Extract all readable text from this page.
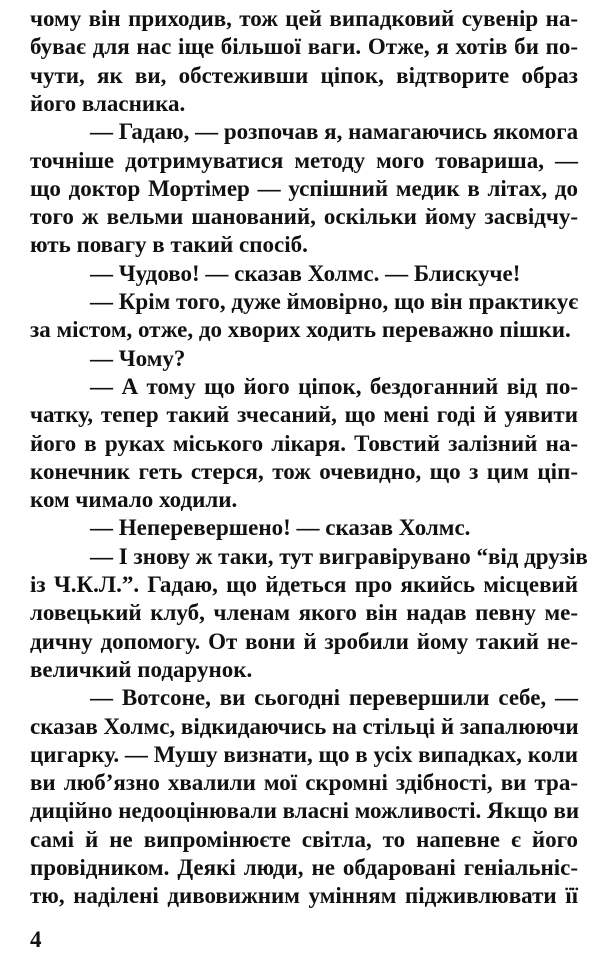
чому він приходив, тож цей випадковий сувенір на-
буває для нас іще більшої ваги. Отже, я хотів би по-
чути, як ви, обстеживши ціпок, відтворите образ
його власника.
— Гадаю, — розпочав я, намагаючись якомога
точніше дотримуватися методу мого товариша, —
що доктор Мортімер — успішний медик в літах, до
того ж вельми шанований, оскільки йому засвідчу-
ють повагу в такий спосіб.
— Чудово! — сказав Холмс. — Блискуче!
— Крім того, дуже ймовірно, що він практикує
за містом, отже, до хворих ходить переважно пішки.
— Чому?
— А тому що його ціпок, бездоганний від по-
чатку, тепер такий зчесаний, що мені годі й уявити
його в руках міського лікаря. Товстий залізний на-
конечник геть стерся, тож очевидно, що з цим ціп-
ком чимало ходили.
— Неперевершено! — сказав Холмс.
— І знову ж таки, тут вигравірувано “від друзів
із Ч.К.Л.”. Гадаю, що йдеться про якийсь місцевий
ловецький клуб, членам якого він надав певну ме-
дичну допомогу. От вони й зробили йому такий не-
величкий подарунок.
— Вотсоне, ви сьогодні перевершили себе, —
сказав Холмс, відкидаючись на стільці й запалюючи
цигарку. — Мушу визнати, що в усіх випадках, коли
ви люб’язно хвалили мої скромні здібності, ви тра-
диційно недооцінювали власні можливості. Якщо ви
самі й не випромінюєте світла, то напевне є його
провідником. Деякі люди, не обдаровані геніальніс-
тю, наділені дивовижним умінням підживлювати її
4
